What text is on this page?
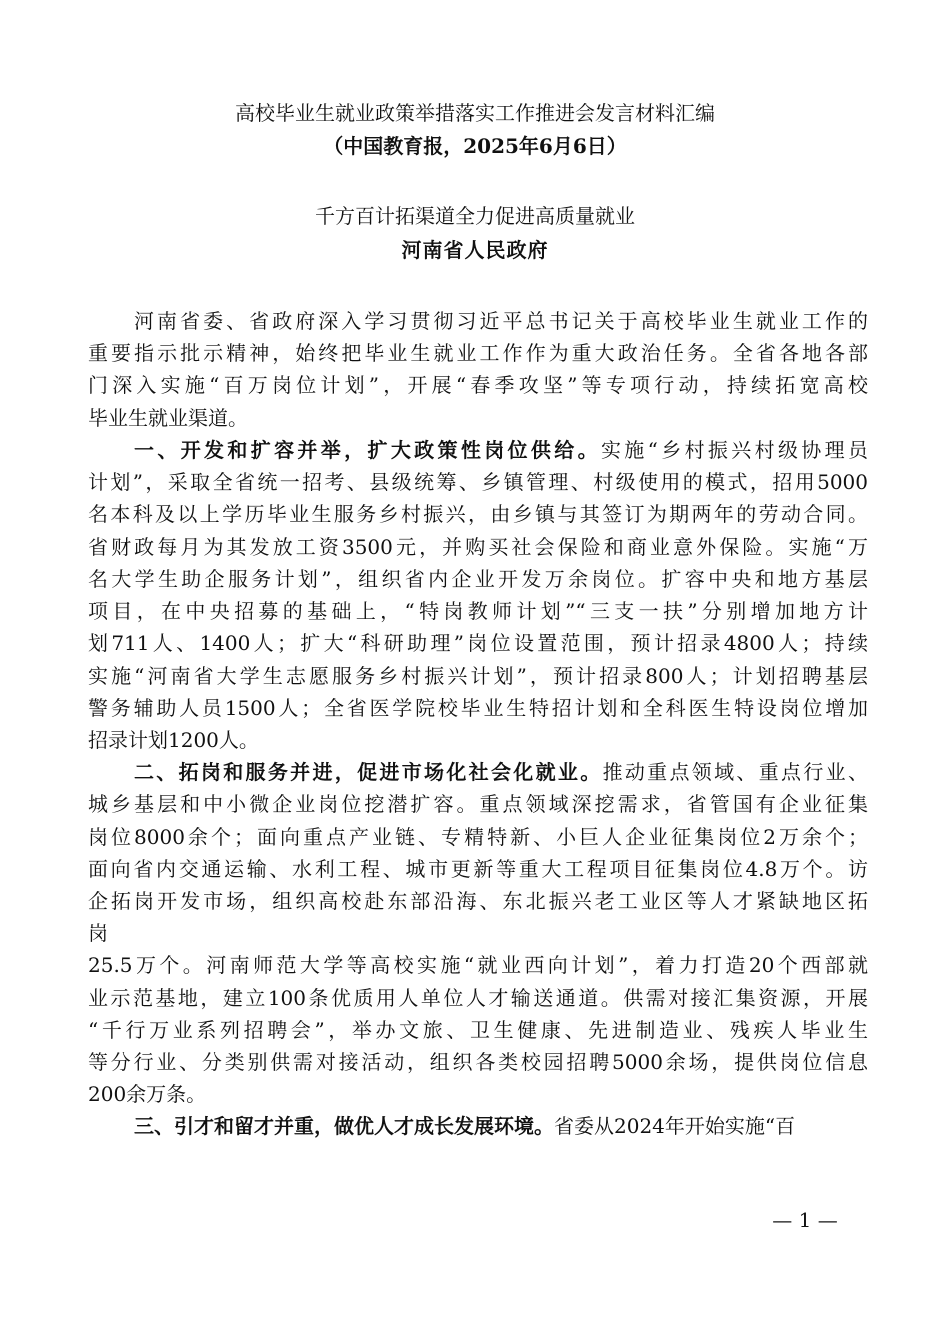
高校毕业生就业政策举措落实工作推进会发言材料汇编
（中国教育报，2025年6月6日）
千方百计拓渠道全力促进高质量就业
河南省人民政府
河南省委、省政府深入学习贯彻习近平总书记关于高校毕业生就业工作的
重要指示批示精神，始终把毕业生就业工作作为重大政治任务。全省各地各部
门深入实施“百万岗位计划”，开展“春季攻坚”等专项行动，持续拓宽高校
毕业生就业渠道。
一、开发和扩容并举，扩大政策性岗位供给。实施“乡村振兴村级协理员
计划”，采取全省统一招考、县级统筹、乡镇管理、村级使用的模式，招用5000
名本科及以上学历毕业生服务乡村振兴，由乡镇与其签订为期两年的劳动合同。
省财政每月为其发放工资3500元，并购买社会保险和商业意外保险。实施“万
名大学生助企服务计划”，组织省内企业开发万余岗位。扩容中央和地方基层
项目，在中央招募的基础上，“特岗教师计划”“三支一扶”分别增加地方计
划711人、1400人；扩大“科研助理”岗位设置范围，预计招录4800人；持续
实施“河南省大学生志愿服务乡村振兴计划”，预计招录800人；计划招聘基层
警务辅助人员1500人；全省医学院校毕业生特招计划和全科医生特设岗位增加
招录计划1200人。
二、拓岗和服务并进，促进市场化社会化就业。推动重点领域、重点行业、
城乡基层和中小微企业岗位挖潜扩容。重点领域深挖需求，省管国有企业征集
岗位8000余个；面向重点产业链、专精特新、小巨人企业征集岗位2万余个；
面向省内交通运输、水利工程、城市更新等重大工程项目征集岗位4.8万个。访
企拓岗开发市场，组织高校赴东部沿海、东北振兴老工业区等人才紧缺地区拓
岗
25.5万个。河南师范大学等高校实施“就业西向计划”，着力打造20个西部就
业示范基地，建立100条优质用人单位人才输送通道。供需对接汇集资源，开展
“千行万业系列招聘会”，举办文旅、卫生健康、先进制造业、残疾人毕业生
等分行业、分类别供需对接活动，组织各类校园招聘5000余场，提供岗位信息
200余万条。
三、引才和留才并重，做优人才成长发展环境。省委从2024年开始实施“百
— 1 —
